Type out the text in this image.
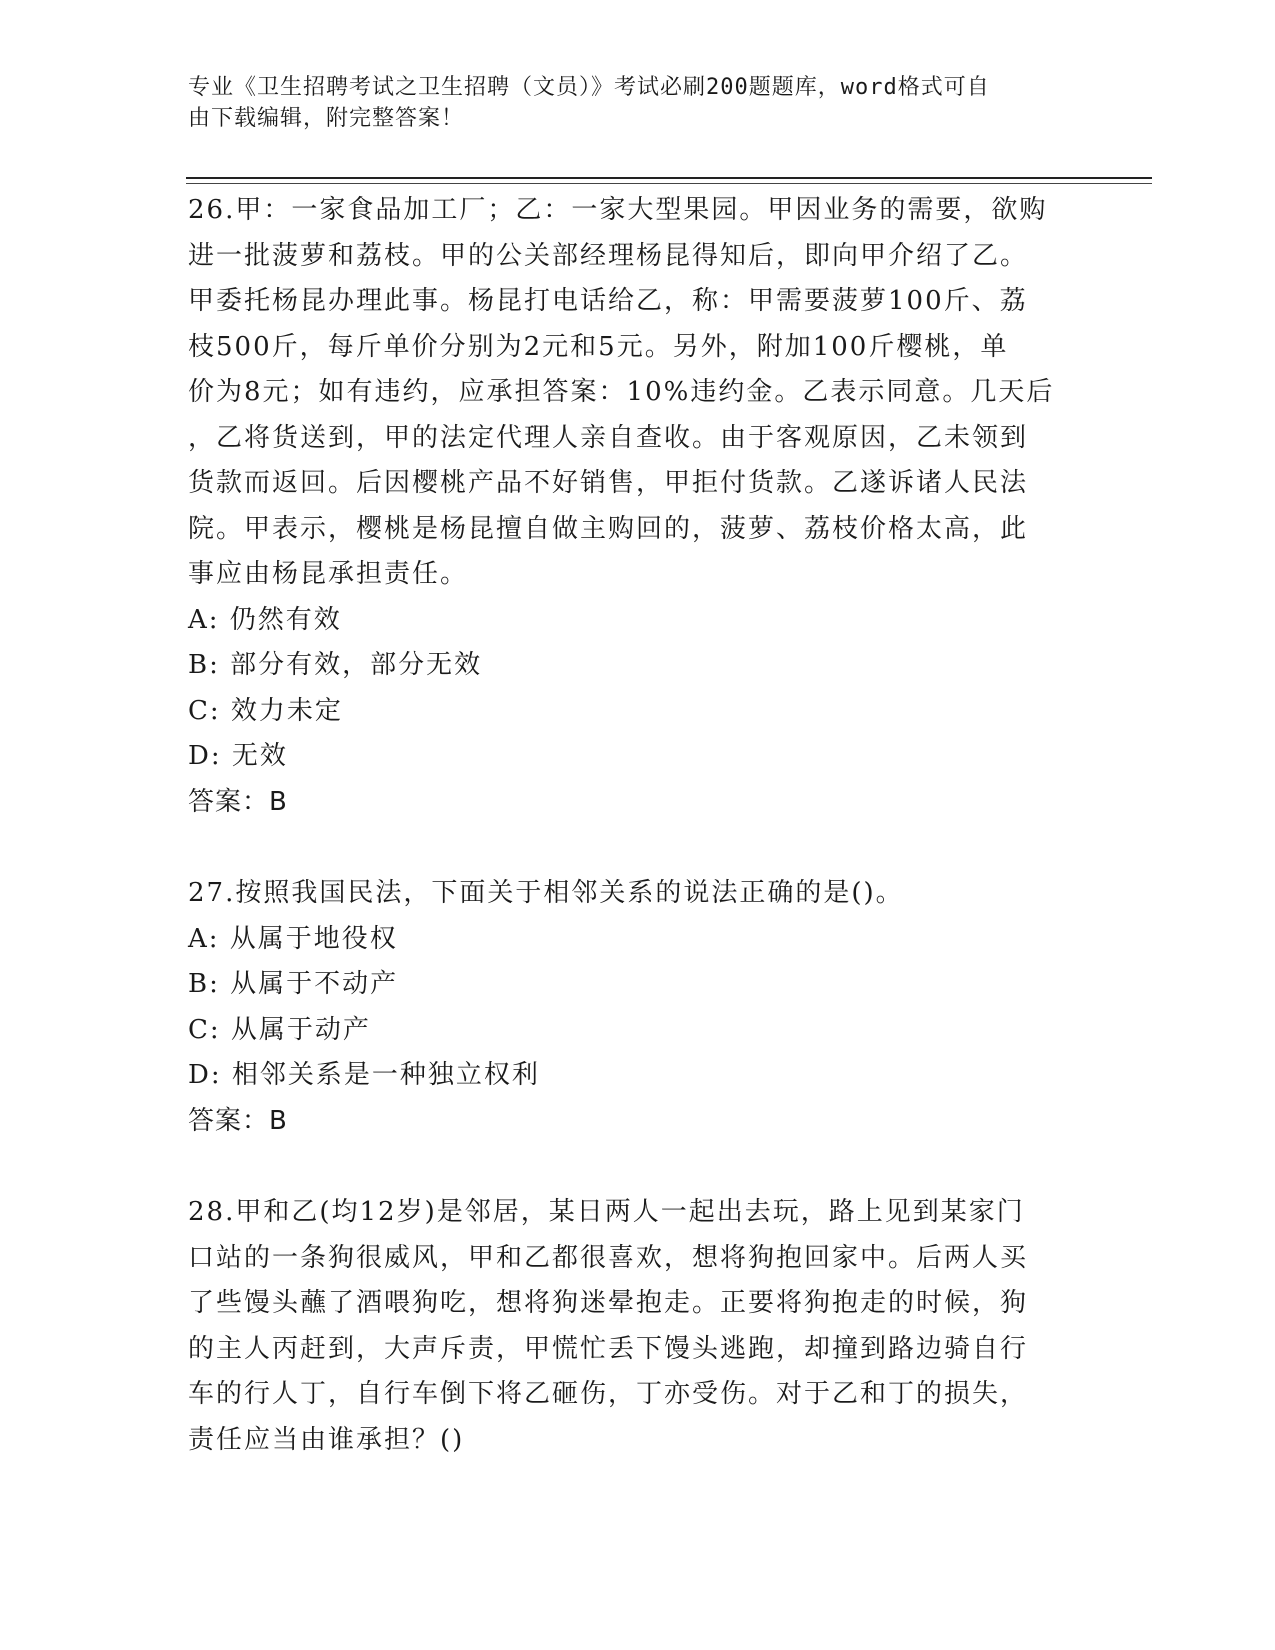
专业《卫生招聘考试之卫生招聘（文员）》考试必刷200题题库，word格式可自
由下载编辑，附完整答案！
26.甲：一家食品加工厂；乙：一家大型果园。甲因业务的需要，欲购
进一批菠萝和荔枝。甲的公关部经理杨昆得知后，即向甲介绍了乙。
甲委托杨昆办理此事。杨昆打电话给乙，称：甲需要菠萝100斤、荔
枝500斤，每斤单价分别为2元和5元。另外，附加100斤樱桃，单
价为8元；如有违约，应承担答案：10%违约金。乙表示同意。几天后
，乙将货送到，甲的法定代理人亲自查收。由于客观原因，乙未领到
货款而返回。后因樱桃产品不好销售，甲拒付货款。乙遂诉诸人民法
院。甲表示，樱桃是杨昆擅自做主购回的，菠萝、荔枝价格太高，此
事应由杨昆承担责任。
A: 仍然有效
B: 部分有效，部分无效
C: 效力未定
D: 无效
答案：B
27.按照我国民法，下面关于相邻关系的说法正确的是()。
A: 从属于地役权
B: 从属于不动产
C: 从属于动产
D: 相邻关系是一种独立权利
答案：B
28.甲和乙(均12岁)是邻居，某日两人一起出去玩，路上见到某家门
口站的一条狗很威风，甲和乙都很喜欢，想将狗抱回家中。后两人买
了些馒头蘸了酒喂狗吃，想将狗迷晕抱走。正要将狗抱走的时候，狗
的主人丙赶到，大声斥责，甲慌忙丢下馒头逃跑，却撞到路边骑自行
车的行人丁，自行车倒下将乙砸伤，丁亦受伤。对于乙和丁的损失，
责任应当由谁承担？()
